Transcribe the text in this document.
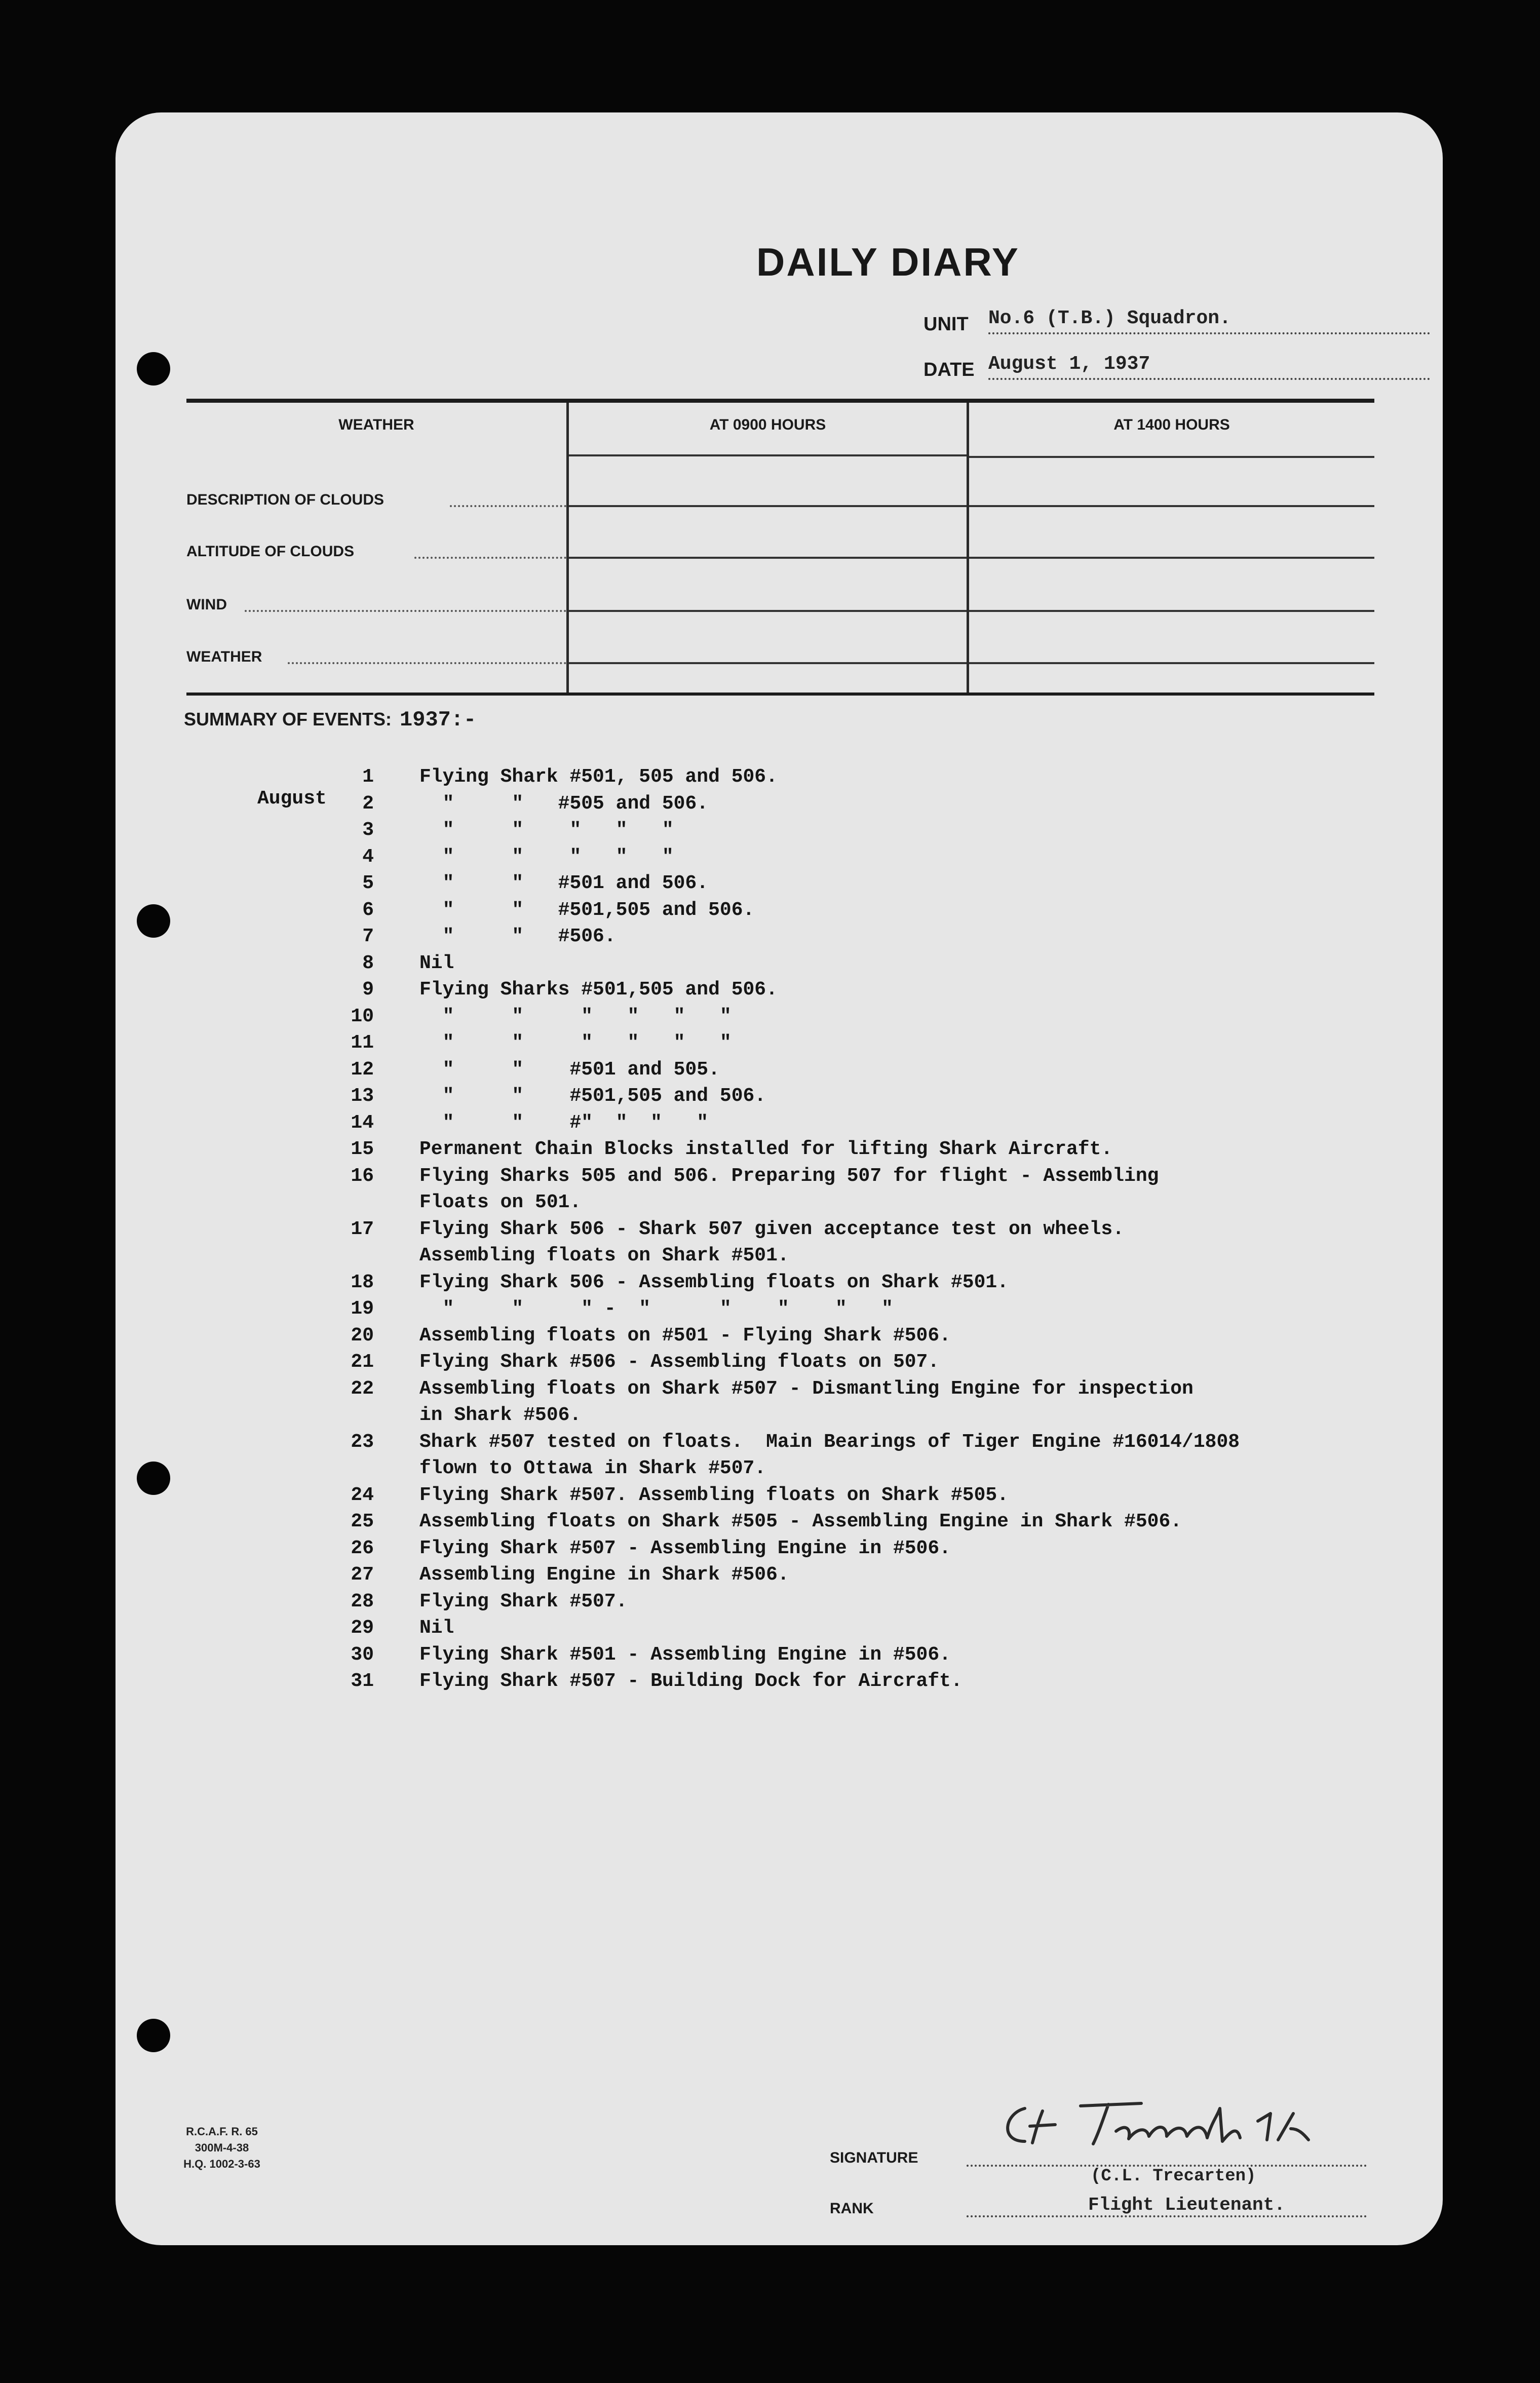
DAILY DIARY
UNIT No.6 (T.B.) Squadron.
DATE August 1, 1937
WEATHER	AT 0900 HOURS	AT 1400 HOURS
DESCRIPTION OF CLOUDS
ALTITUDE OF CLOUDS
WIND
WEATHER
SUMMARY OF EVENTS: 1937:-

August

1 Flying Shark #501, 505 and 506.
2 "     "   #505 and 506.
3 "     "    "   "   "
4 "     "    "   "   "
5 "     "   #501 and 506.
6 "     "   #501,505 and 506.
7 "     "   #506.
8 Nil
9 Flying Sharks #501,505 and 506.
10 "     "     "   "   "   "
11 "     "     "   "   "   "
12 "     "    #501 and 505.
13 "     "    #501,505 and 506.
14 "     "    #"  "  "   "
15 Permanent Chain Blocks installed for lifting Shark Aircraft.
16 Flying Sharks 505 and 506. Preparing 507 for flight - Assembling
Floats on 501.
17 Flying Shark 506 - Shark 507 given acceptance test on wheels.
Assembling floats on Shark #501.
18 Flying Shark 506 - Assembling floats on Shark #501.
19 "     "     " -  "      "    "    "   "
20 Assembling floats on #501 - Flying Shark #506.
21 Flying Shark #506 - Assembling floats on 507.
22 Assembling floats on Shark #507 - Dismantling Engine for inspection
in Shark #506.
23 Shark #507 tested on floats.  Main Bearings of Tiger Engine #16014/1808
flown to Ottawa in Shark #507.
24 Flying Shark #507. Assembling floats on Shark #505.
25 Assembling floats on Shark #505 - Assembling Engine in Shark #506.
26 Flying Shark #507 - Assembling Engine in #506.
27 Assembling Engine in Shark #506.
28 Flying Shark #507.
29 Nil
30 Flying Shark #501 - Assembling Engine in #506.
31 Flying Shark #507 - Building Dock for Aircraft.
R.C.A.F. R. 65
300M-4-38
H.Q. 1002-3-63	SIGNATURE
(C.L. Trecarten)
RANK	Flight Lieutenant.
